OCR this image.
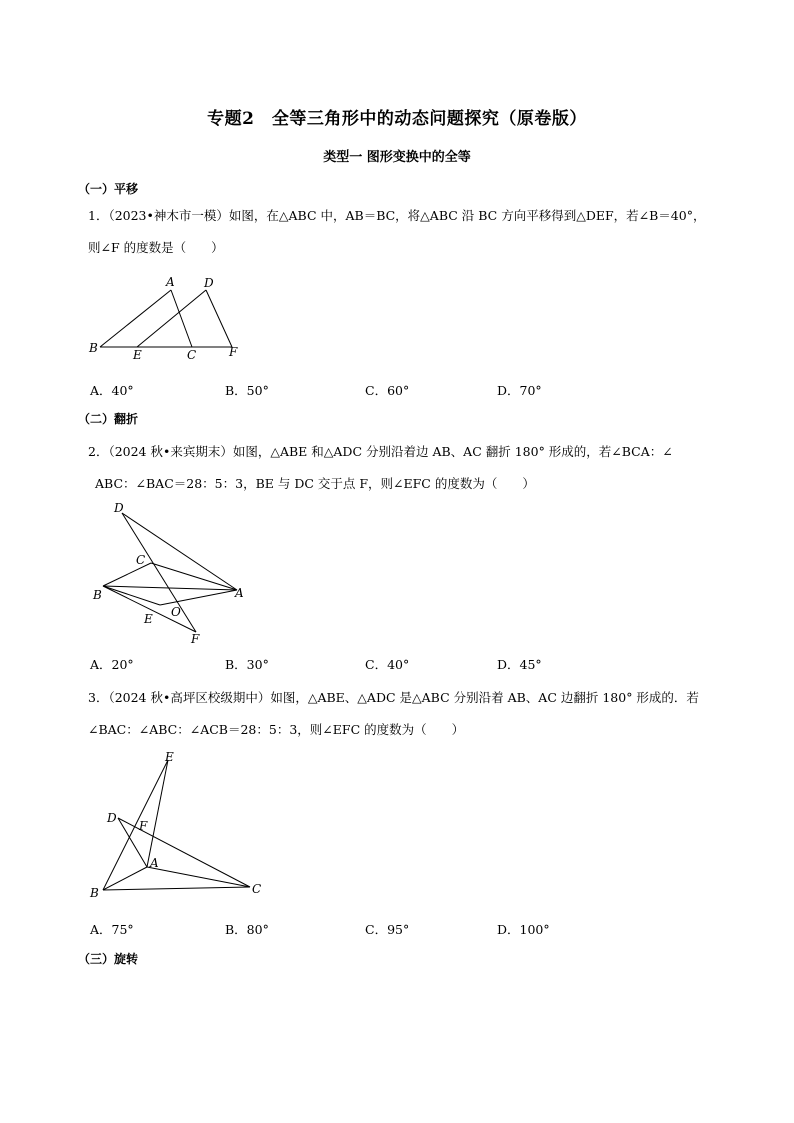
专题2　全等三角形中的动态问题探究（原卷版）
类型一 图形变换中的全等
（一）平移
1．（2023•神木市一模）如图，在△ABC 中，AB＝BC，将△ABC 沿 BC 方向平移得到△DEF，若∠B＝40°，
则∠F 的度数是（　　）
A D
B	E	C	F
A．40°	B．50°	C．60°	D．70°
（二）翻折
2．（2024 秋•来宾期末）如图，△ABE 和△ADC 分别沿着边 AB、AC 翻折 180° 形成的，若∠BCA：∠
ABC：∠BAC＝28：5：3，BE 与 DC 交于点 F，则∠EFC 的度数为（　　）
D
C
B	A
O
E
F
A．20°	B．30°	C．40°	D．45°
3．（2024 秋•高坪区校级期中）如图，△ABE、△ADC 是△ABC 分别沿着 AB、AC 边翻折 180° 形成的．若
∠BAC：∠ABC：∠ACB＝28：5：3，则∠EFC 的度数为（　　）
E
D
F
A
B	C
A．75°	B．80°	C．95°	D．100°
（三）旋转
